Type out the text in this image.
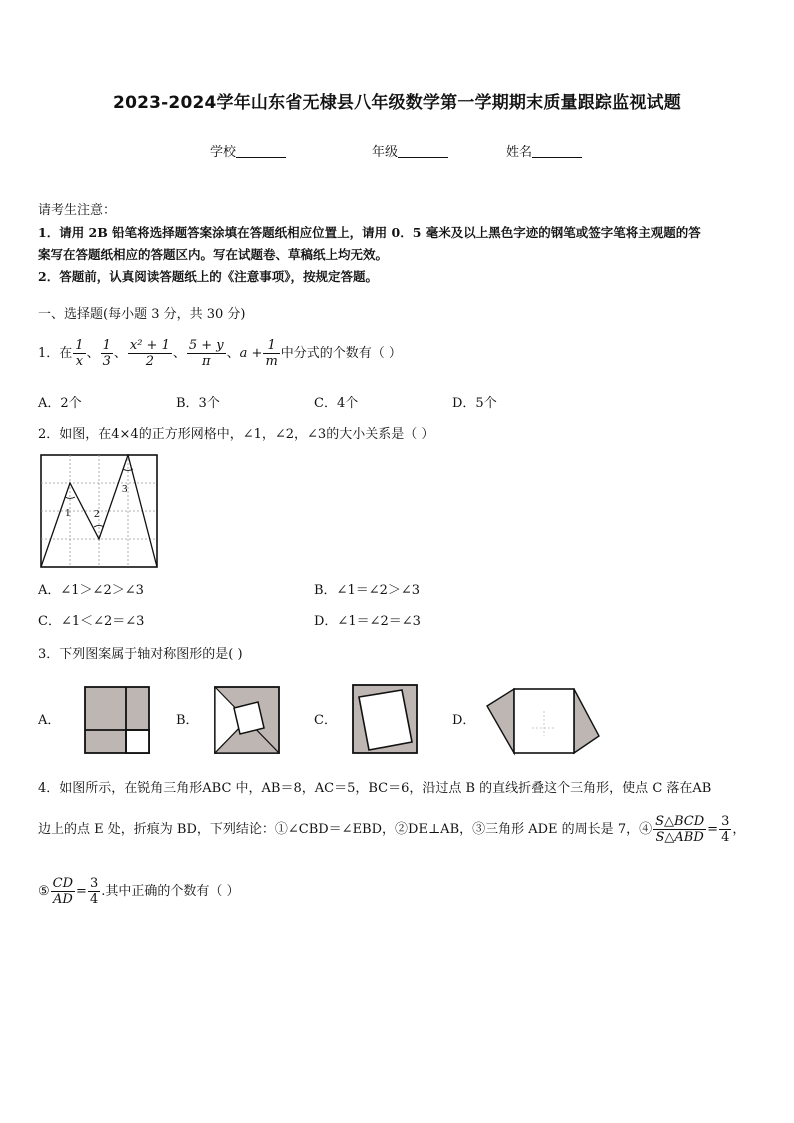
2023-2024学年山东省无棣县八年级数学第一学期期末质量跟踪监视试题
学校	年级	姓名
请考生注意：
1．请用 2B 铅笔将选择题答案涂填在答题纸相应位置上，请用 0．5 毫米及以上黑色字迹的钢笔或签字笔将主观题的答
案写在答题纸相应的答题区内。写在试题卷、草稿纸上均无效。
2．答题前，认真阅读答题纸上的《注意事项》，按规定答题。
一、选择题(每小题 3 分，共 30 分)
1．在 $\frac{1}{x}$ 、 $\frac{1}{3}$ 、 $\frac{\text{x² + 1}}{2}$ 、 $\frac{5 + y}{\pi}$ 、 $a + \frac{1}{m}$ 中分式的个数有（ ）
A．2个	B．3个	C．4个	D．5个
2．如图，在4×4的正方形网格中，∠1，∠2，∠3的大小关系是（ ）
1 2
3
A．∠1＞∠2＞∠3	B．∠1＝∠2＞∠3
C．∠1＜∠2＝∠3	D．∠1＝∠2＝∠3
3．下列图案属于轴对称图形的是( )
A．	B．	C．	D．
4．如图所示，在锐角三角形ABC 中，AB＝8，AC＝5，BC＝6，沿过点 B 的直线折叠这个三角形，使点 C 落在AB
边上的点 E 处，折痕为 BD，下列结论：①∠CBD＝∠EBD，②DE⊥AB，③三角形 ADE 的周长是 7，④ $\frac{\text{S△BCD}}{\text{S△ABD}} = \frac{3}{4}$ ，
⑤ $\frac{CD}{AD} = \frac{3}{4}$ .其中正确的个数有（ ）
